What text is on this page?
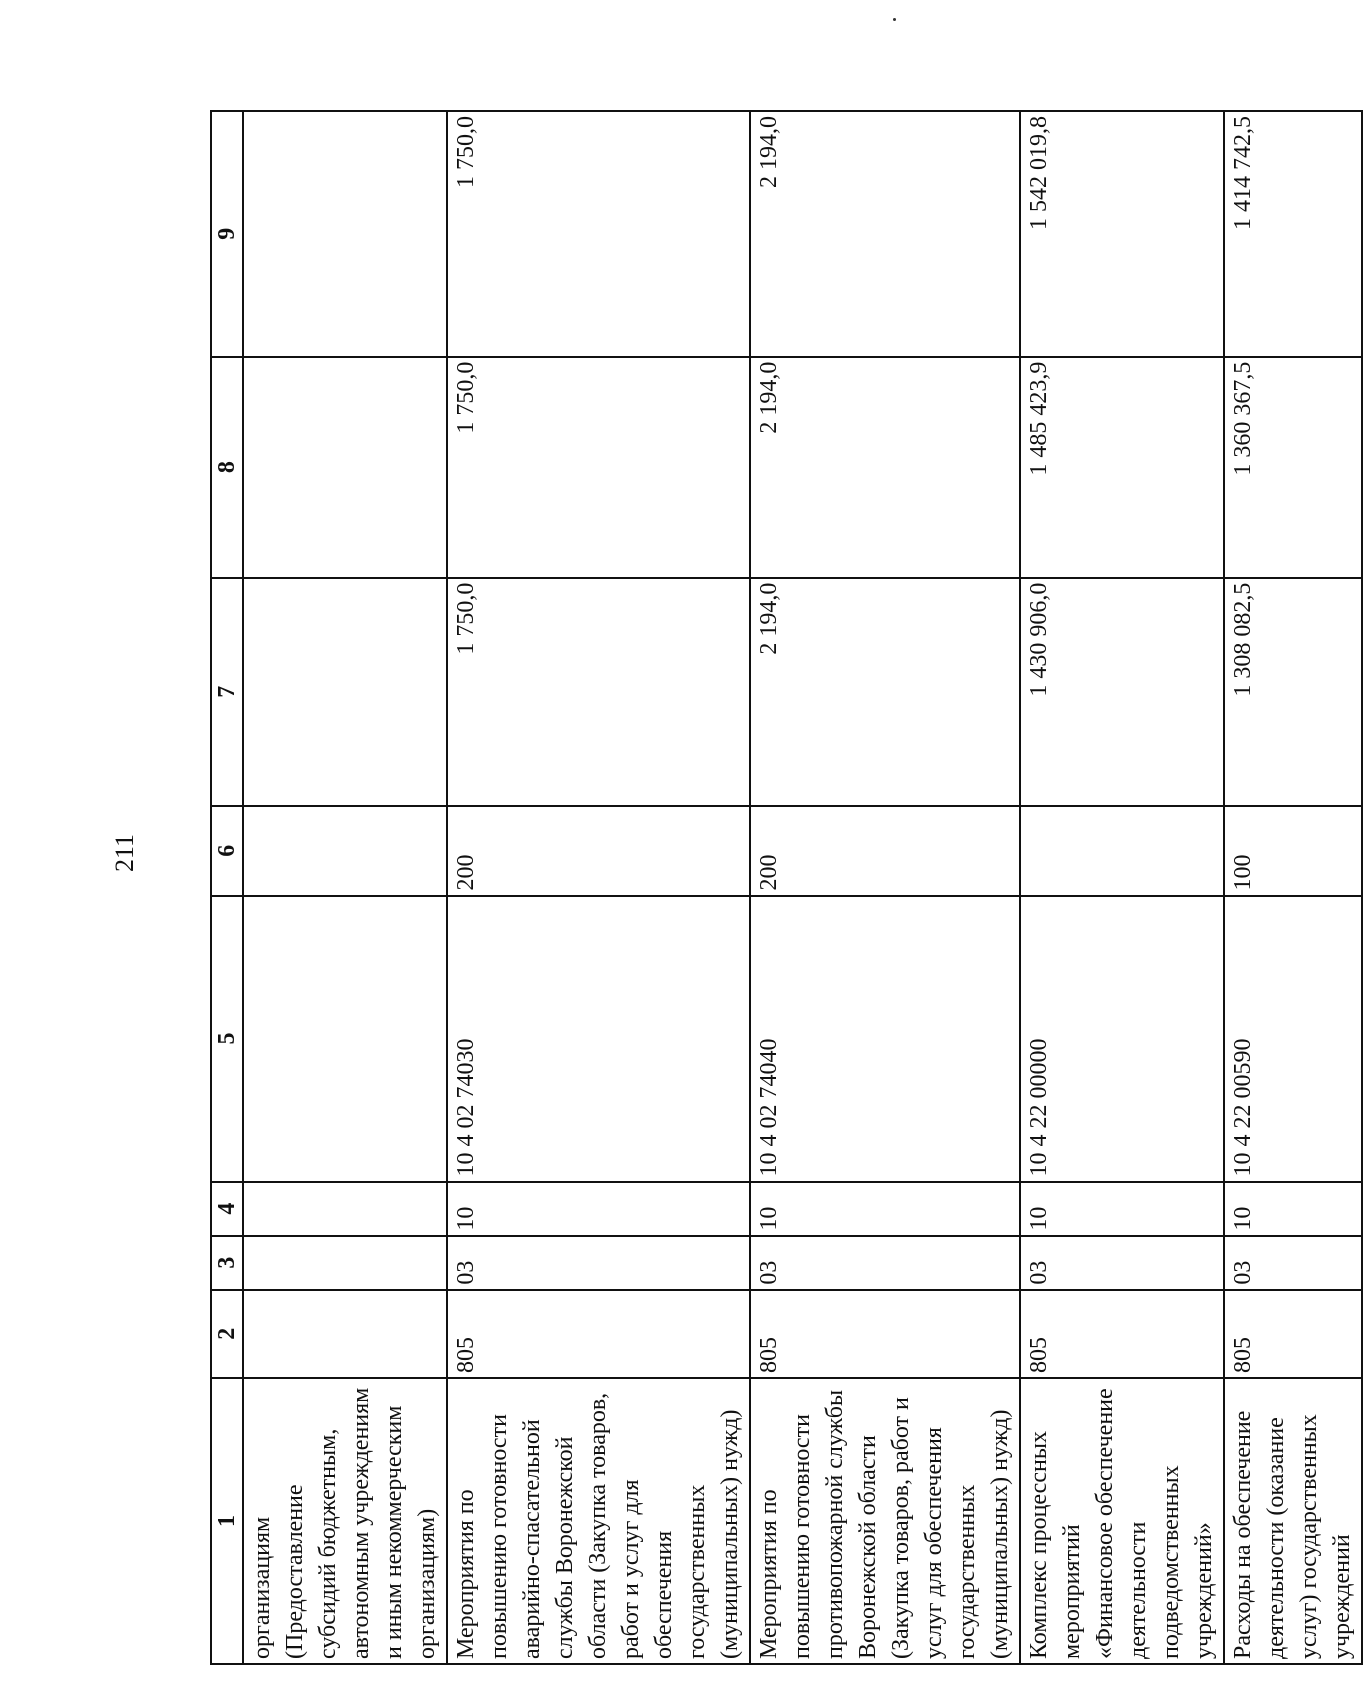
211
1	2	3	4	5	6	7	8	9
организациям (Предоставление субсидий бюджетным, автономным учреждениям и иным некоммерческим организациям)								
Мероприятия по повышению готовности аварийно-спасательной службы Воронежской области (Закупка товаров, работ и услуг для обеспечения государственных (муниципальных) нужд)	805	03	10	10 4 02 74030	200	1 750,0	1 750,0	1 750,0
Мероприятия по повышению готовности противопожарной службы Воронежской области (Закупка товаров, работ и услуг для обеспечения государственных (муниципальных) нужд)	805	03	10	10 4 02 74040	200	2 194,0	2 194,0	2 194,0
Комплекс процессных мероприятий «Финансовое обеспечение деятельности подведомственных учреждений»	805	03	10	10 4 22 00000		1 430 906,0	1 485 423,9	1 542 019,8
Расходы на обеспечение деятельности (оказание услуг) государственных учреждений	805	03	10	10 4 22 00590	100	1 308 082,5	1 360 367,5	1 414 742,5
